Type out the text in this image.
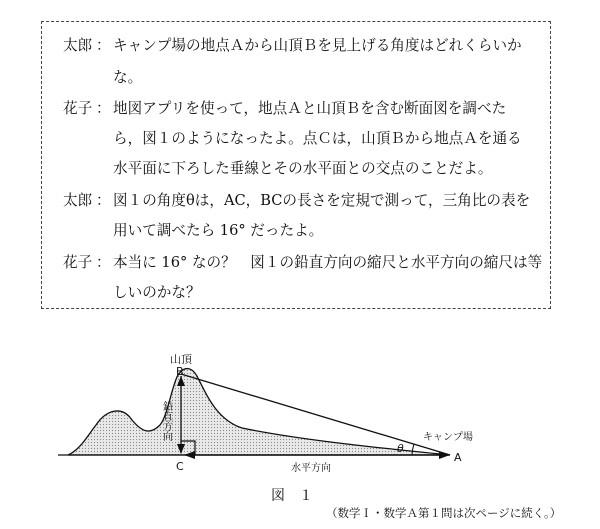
太郎 ： キャンプ場の地点Ａから山頂Ｂを見上げる角度はどれくらいか
な。
花子 ： 地図アプリを使って，地点Ａと山頂Ｂを含む断面図を調べた
ら，図１のようになったよ。点Ｃは，山頂Ｂから地点Ａを通る
水平面に下ろした垂線とその水平面との交点のことだよ。
太郎 ： 図１の角度θは，AC，BCの長さを定規で測って，三角比の表を
用いて調べたら 16° だったよ。
花子 ： 本当に 16° なの？　図１の鉛直方向の縮尺と水平方向の縮尺は等
しいのかな？
山頂
B
C
A
θ
水平方向
キャンプ場
鉛直方向
図　１
（数学Ｉ・数学Ａ第１問は次ページに続く。）
